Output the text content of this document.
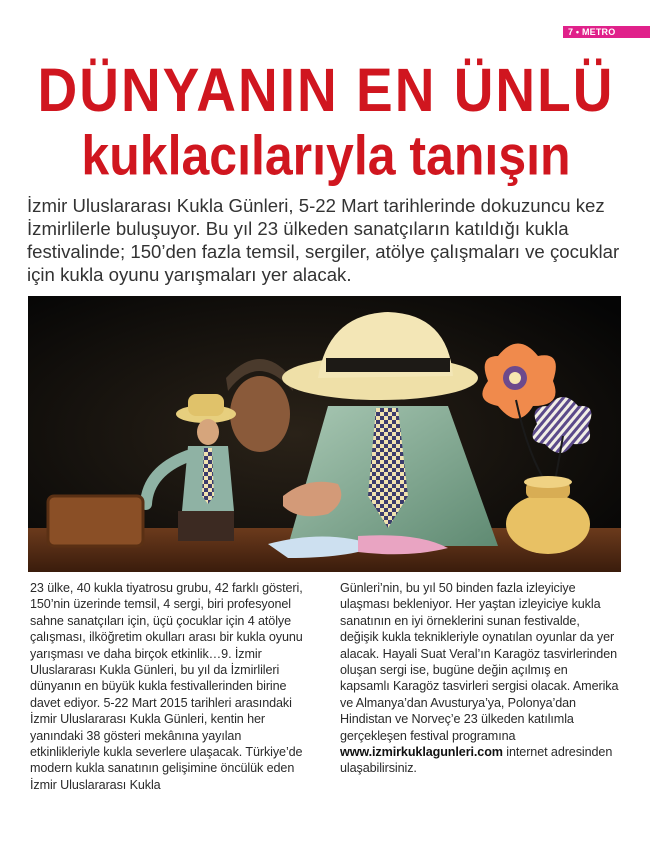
7 • METRO
DÜNYANIN EN ÜNLÜ
kuklacılarıyla tanışın

İzmir Uluslararası Kukla Günleri, 5-22 Mart tarihlerinde dokuzuncu kez İzmirlilerle buluşuyor. Bu yıl 23 ülkeden sanatçıların katıldığı kukla festivalinde; 150’den fazla temsil, sergiler, atölye çalışmaları ve çocuklar için kukla oyunu yarışmaları yer alacak.

23 ülke, 40 kukla tiyatrosu grubu, 42 farklı gösteri, 150’nin üzerinde temsil, 4 sergi, biri profesyonel sahne sanatçıları için, üçü çocuklar için 4 atölye çalışması, ilköğretim okulları arası bir kukla oyunu yarışması ve daha birçok etkinlik…9. İzmir Uluslararası Kukla Günleri, bu yıl da İzmirlileri dünyanın en büyük kukla festivallerinden birine davet ediyor. 5-22 Mart 2015 tarihleri arasındaki İzmir Uluslararası Kukla Günleri, kentin her yanındaki 38 gösteri mekânına yayılan etkinlikleriyle kukla severlere ulaşacak. Türkiye’de modern kukla sanatının gelişimine öncülük eden İzmir Uluslararası Kukla

Günleri’nin, bu yıl 50 binden fazla izleyiciye ulaşması bekleniyor. Her yaştan izleyiciye kukla sanatının en iyi örneklerini sunan festivalde, değişik kukla teknikleriyle oynatılan oyunlar da yer alacak. Hayali Suat Veral’ın Karagöz tasvirlerinden oluşan sergi ise, bugüne değin açılmış en kapsamlı Karagöz tasvirleri sergisi olacak. Amerika ve Almanya’dan Avusturya’ya, Polonya’dan Hindistan ve Norveç’e 23 ülkeden katılımla gerçekleşen festival programına
www.izmirkuklagunleri.com internet adresinden ulaşabilirsiniz.
